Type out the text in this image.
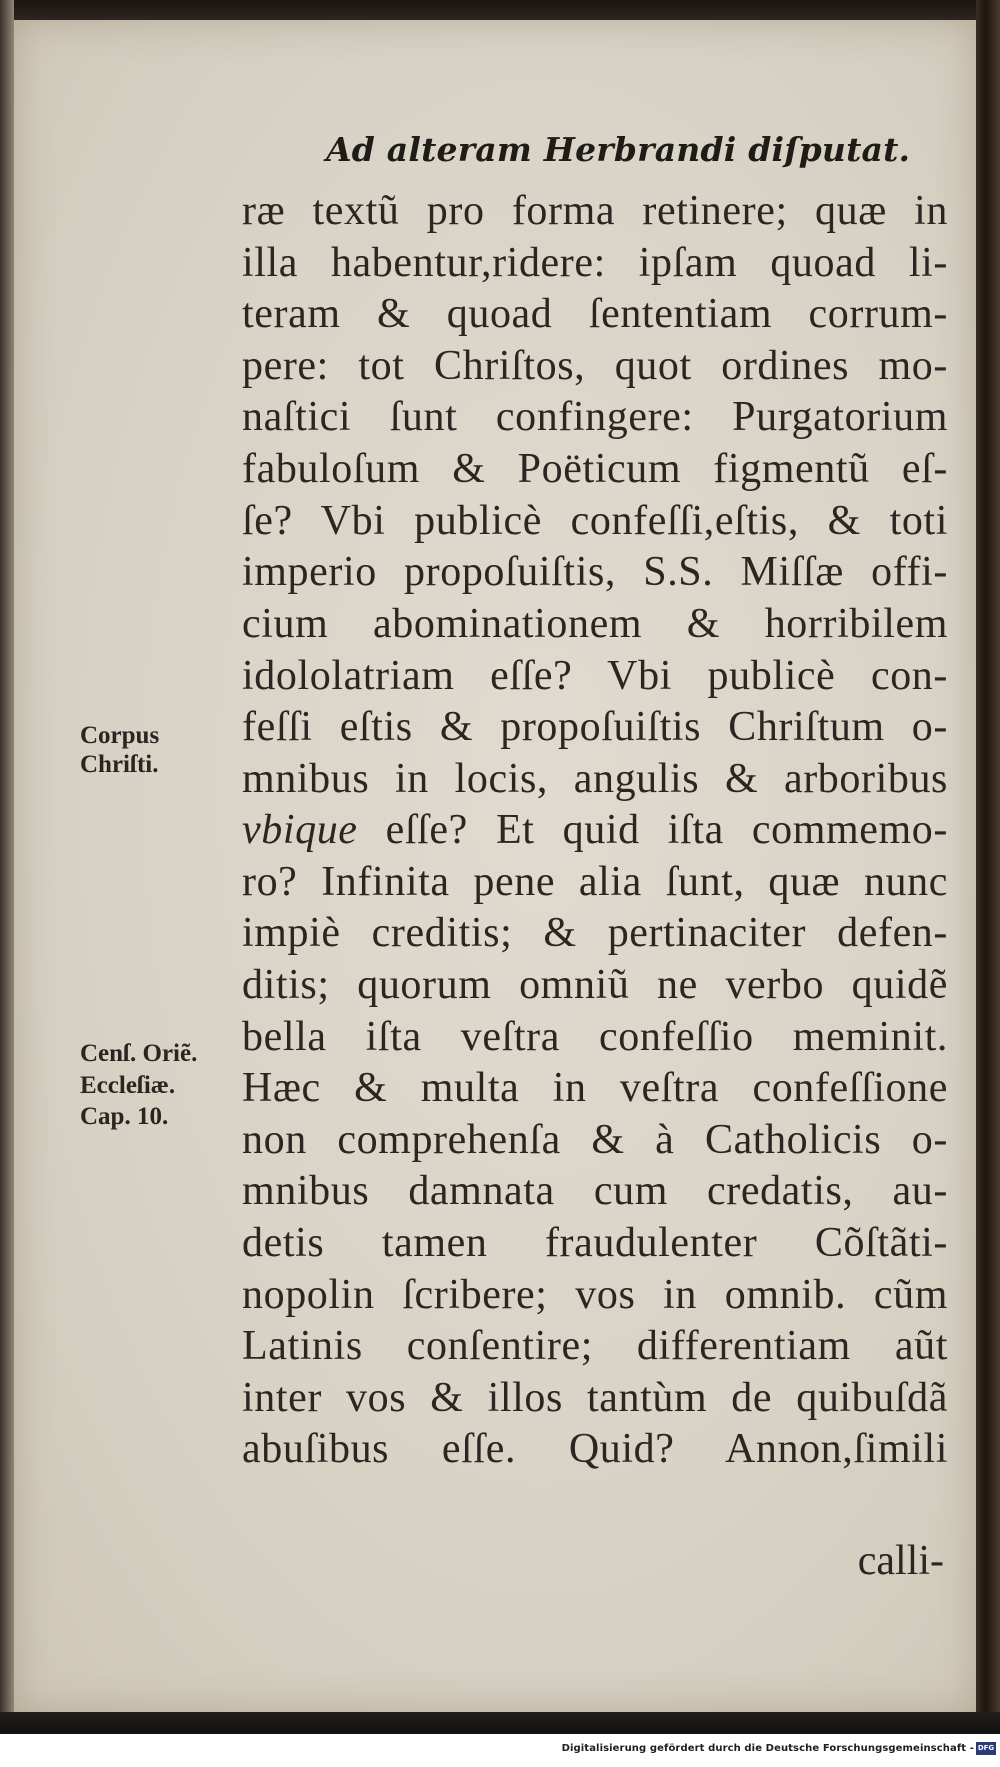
Ad alteram Herbrandi diſputat.
ræ textũ pro forma retinere; quæ in
illa habentur,ridere: ipſam quoad li-
teram & quoad ſententiam corrum-
pere: tot Chriſtos, quot ordines mo-
naſtici ſunt confingere: Purgatorium
fabuloſum & Poëticum figmentũ eſ-
ſe? Vbi publicè confeſſi,eſtis, & toti
imperio propoſuiſtis, S.S. Miſſæ offi-
cium abominationem & horribilem
idololatriam eſſe? Vbi publicè con-
feſſi eſtis & propoſuiſtis Chriſtum o-
mnibus in locis, angulis & arboribus
vbique eſſe? Et quid iſta commemo-
ro? Infinita pene alia ſunt, quæ nunc
impiè creditis; & pertinaciter defen-
ditis; quorum omniũ ne verbo quidẽ
bella iſta veſtra confeſſio meminit.
Hæc & multa in veſtra confeſſione
non comprehenſa & à Catholicis o-
mnibus damnata cum credatis, au-
detis tamen fraudulenter Cõſtãti-
nopolin ſcribere; vos in omnib. cũm
Latinis conſentire; differentiam aũt
inter vos & illos tantùm de quibuſdã
abuſibus eſſe. Quid? Annon,ſimili
calli-
Corpus
Chriſti.
Cenſ. Oriẽ.
Eccleſiæ.
Cap. 10.
Digitalisierung gefördert durch die Deutsche Forschungsgemeinschaft - DFG
